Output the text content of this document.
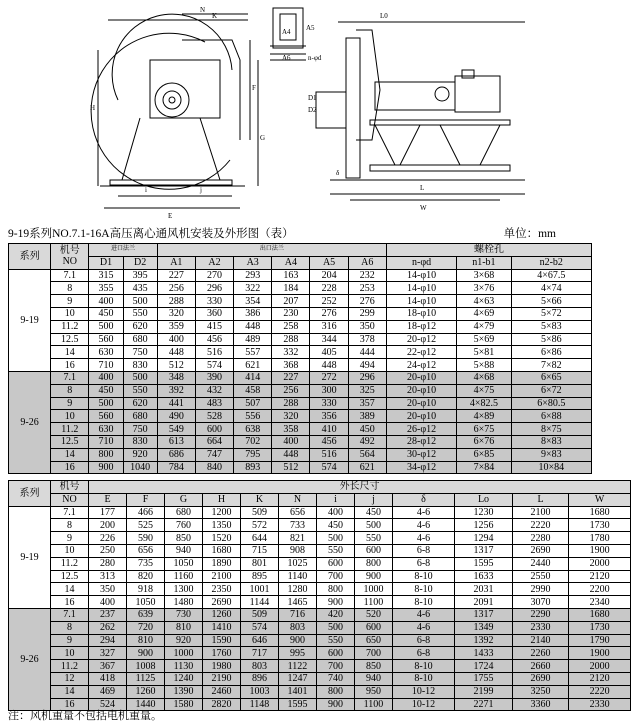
N
K
F
G
H
i	j
E
A4
A6 n-φd
A5
L0
D1
D2
δ
L
W
9-19系列NO.7.1-16A高压离心通风机安装及外形图（表）	单位：mm
系列	机号
NO	进口法兰		出口法兰						螺栓孔		
		D1	D2	A1	A2	A3	A4	A5	A6	n-φd	n1-b1	n2-b2
9-19	7.1	315	395	227	270	293	163	204	232	14-φ10	3×68	4×67.5
	8	355	435	256	296	322	184	228	253	14-φ10	3×76	4×74
	9	400	500	288	330	354	207	252	276	14-φ10	4×63	5×66
	10	450	550	320	360	386	230	276	299	18-φ10	4×69	5×72
	11.2	500	620	359	415	448	258	316	350	18-φ12	4×79	5×83
	12.5	560	680	400	456	489	288	344	378	20-φ12	5×69	5×86
	14	630	750	448	516	557	332	405	444	22-φ12	5×81	6×86
	16	710	830	512	574	621	368	448	494	24-φ12	5×88	7×82
9-26	7.1	400	500	348	390	414	227	272	296	20-φ10	4×68	6×65
	8	450	550	392	432	458	256	300	325	20-φ10	4×75	6×72
	9	500	620	441	483	507	288	330	357	20-φ10	4×82.5	6×80.5
	10	560	680	490	528	556	320	356	389	20-φ10	4×89	6×88
	11.2	630	750	549	600	638	358	410	450	26-φ12	6×75	8×75
	12.5	710	830	613	664	702	400	456	492	28-φ12	6×76	8×83
	14	800	920	686	747	795	448	516	564	30-φ12	6×85	9×83
	16	900	1040	784	840	893	512	574	621	34-φ12	7×84	10×84
系列	机号	外长尺寸											
	NO	E	F	G	H	K	N	i	j	δ	Lo	L	W
9-19	7.1	177	466	680	1200	509	656	400	450	4-6	1230	2100	1680
	8	200	525	760	1350	572	733	450	500	4-6	1256	2220	1730
	9	226	590	850	1520	644	821	500	550	4-6	1294	2280	1780
	10	250	656	940	1680	715	908	550	600	6-8	1317	2690	1900
	11.2	280	735	1050	1890	801	1025	600	800	6-8	1595	2440	2000
	12.5	313	820	1160	2100	895	1140	700	900	8-10	1633	2550	2120
	14	350	918	1300	2350	1001	1280	800	1000	8-10	2031	2990	2200
	16	400	1050	1480	2690	1144	1465	900	1100	8-10	2091	3070	2340
9-26	7.1	237	639	730	1260	509	716	420	520	4-6	1317	2290	1680
	8	262	720	810	1410	574	803	500	600	4-6	1349	2330	1730
	9	294	810	920	1590	646	900	550	650	6-8	1392	2140	1790
	10	327	900	1000	1760	717	995	600	700	6-8	1433	2260	1900
	11.2	367	1008	1130	1980	803	1122	700	850	8-10	1724	2660	2000
	12	418	1125	1240	2190	896	1247	740	940	8-10	1755	2690	2120
	14	469	1260	1390	2460	1003	1401	800	950	10-12	2199	3250	2220
	16	524	1440	1580	2820	1148	1595	900	1100	10-12	2271	3360	2330
注：风机重量不包括电机重量。
